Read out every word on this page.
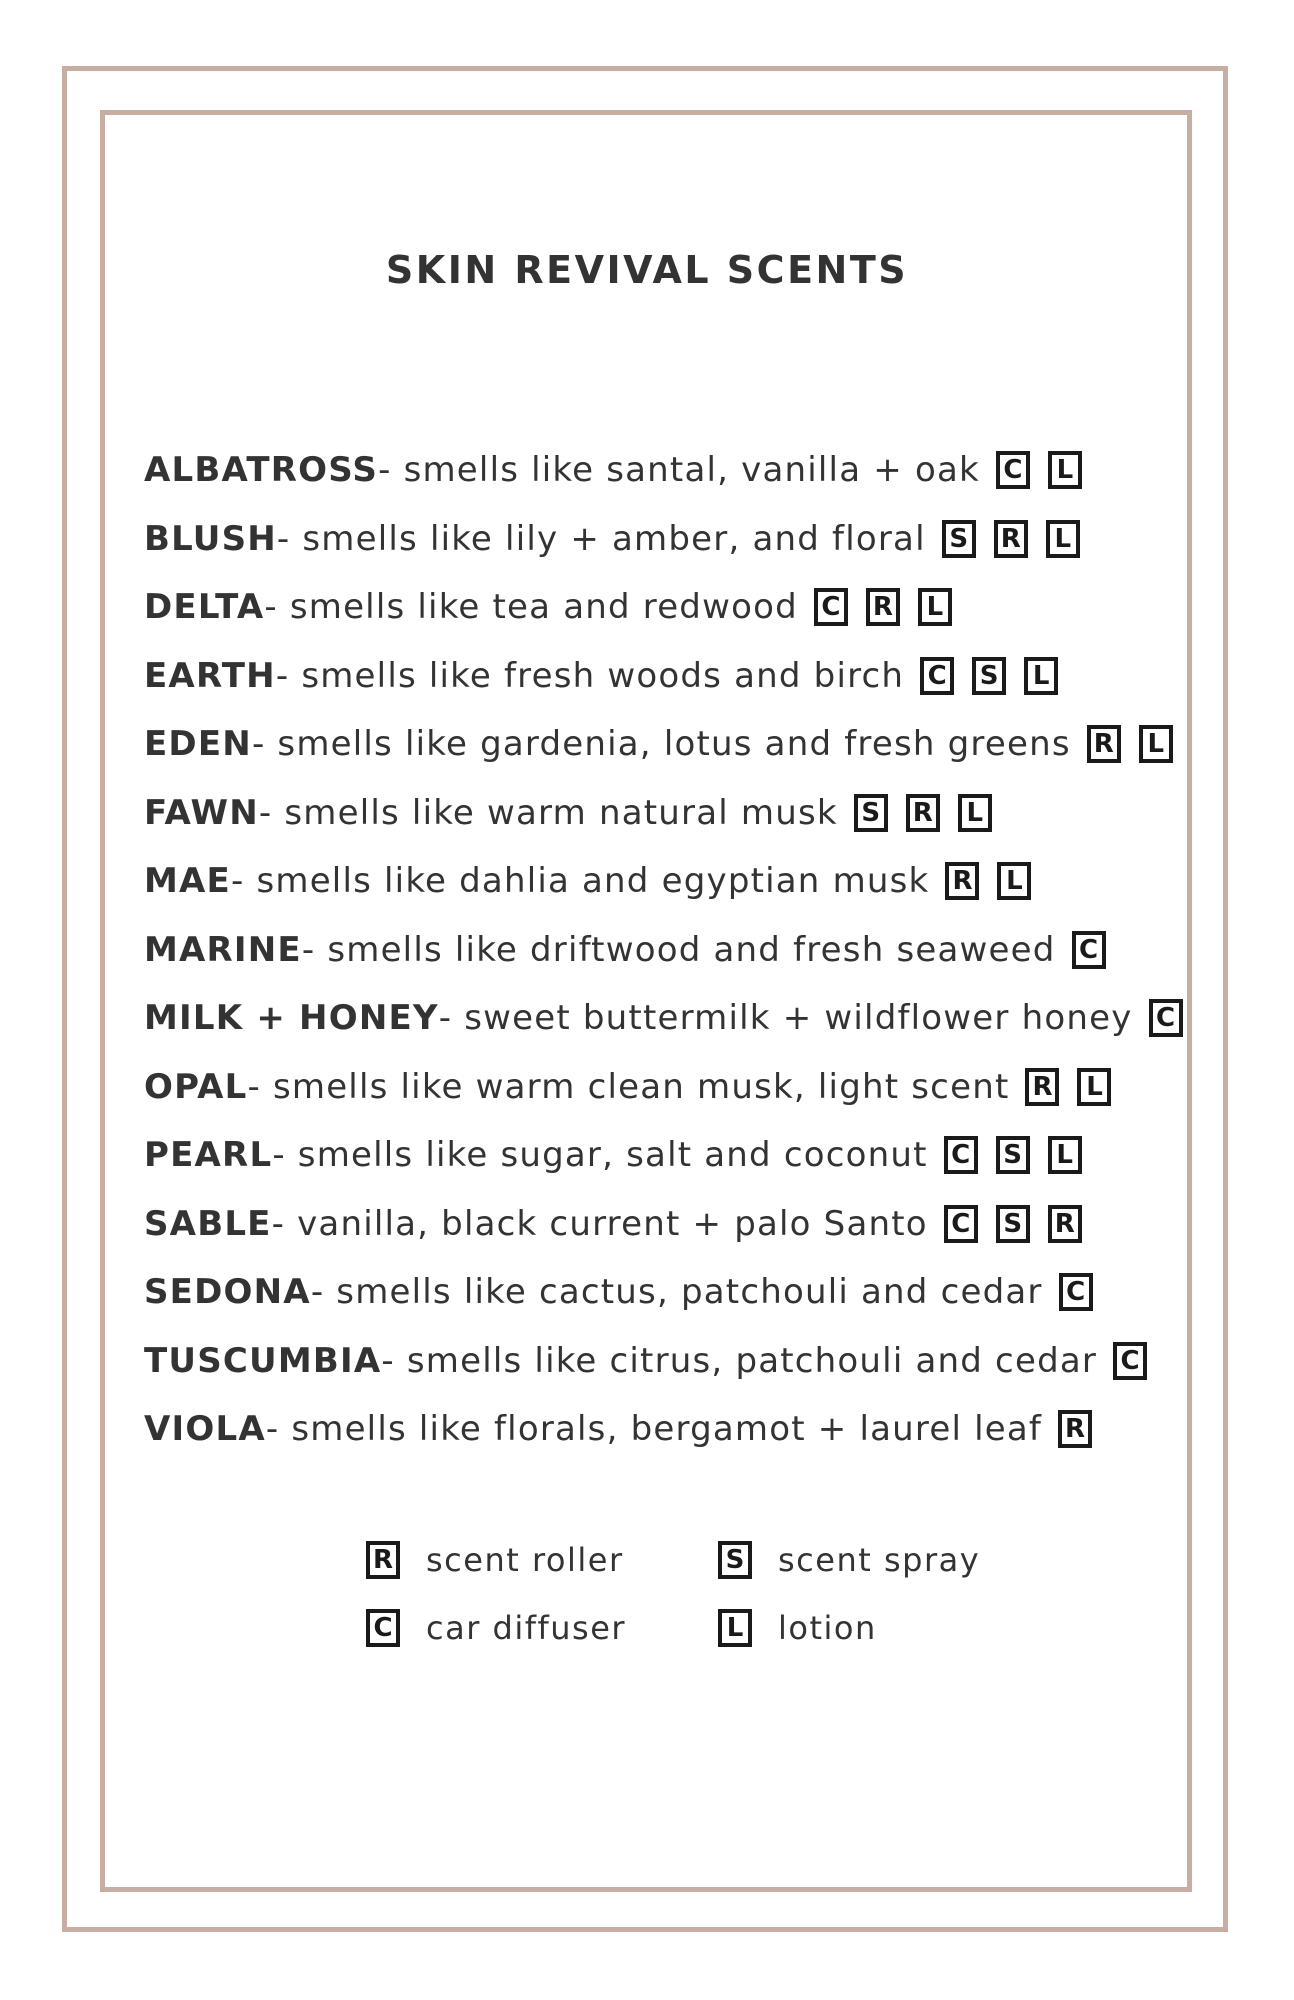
SKIN REVIVAL SCENTS
ALBATROSS - smells like santal, vanilla + oak C	L
BLUSH - smells like lily + amber, and floral S R	L
DELTA - smells like tea and redwood C R	L
EARTH - smells like fresh woods and birch C S	L
EDEN - smells like gardenia, lotus and fresh greens R	L
FAWN - smells like warm natural musk S R	L
MAE - smells like dahlia and egyptian musk R	L
MARINE - smells like driftwood and fresh seaweed C
MILK + HONEY - sweet buttermilk + wildflower honey C
OPAL - smells like warm clean musk, light scent R	L
PEARL - smells like sugar, salt and coconut C S	L
SABLE - vanilla, black current + palo Santo C S R
SEDONA - smells like cactus, patchouli and cedar C
TUSCUMBIA - smells like citrus, patchouli and cedar C
VIOLA - smells like florals, bergamot + laurel leaf R
R scent roller	S scent spray
C car diffuser	L lotion
